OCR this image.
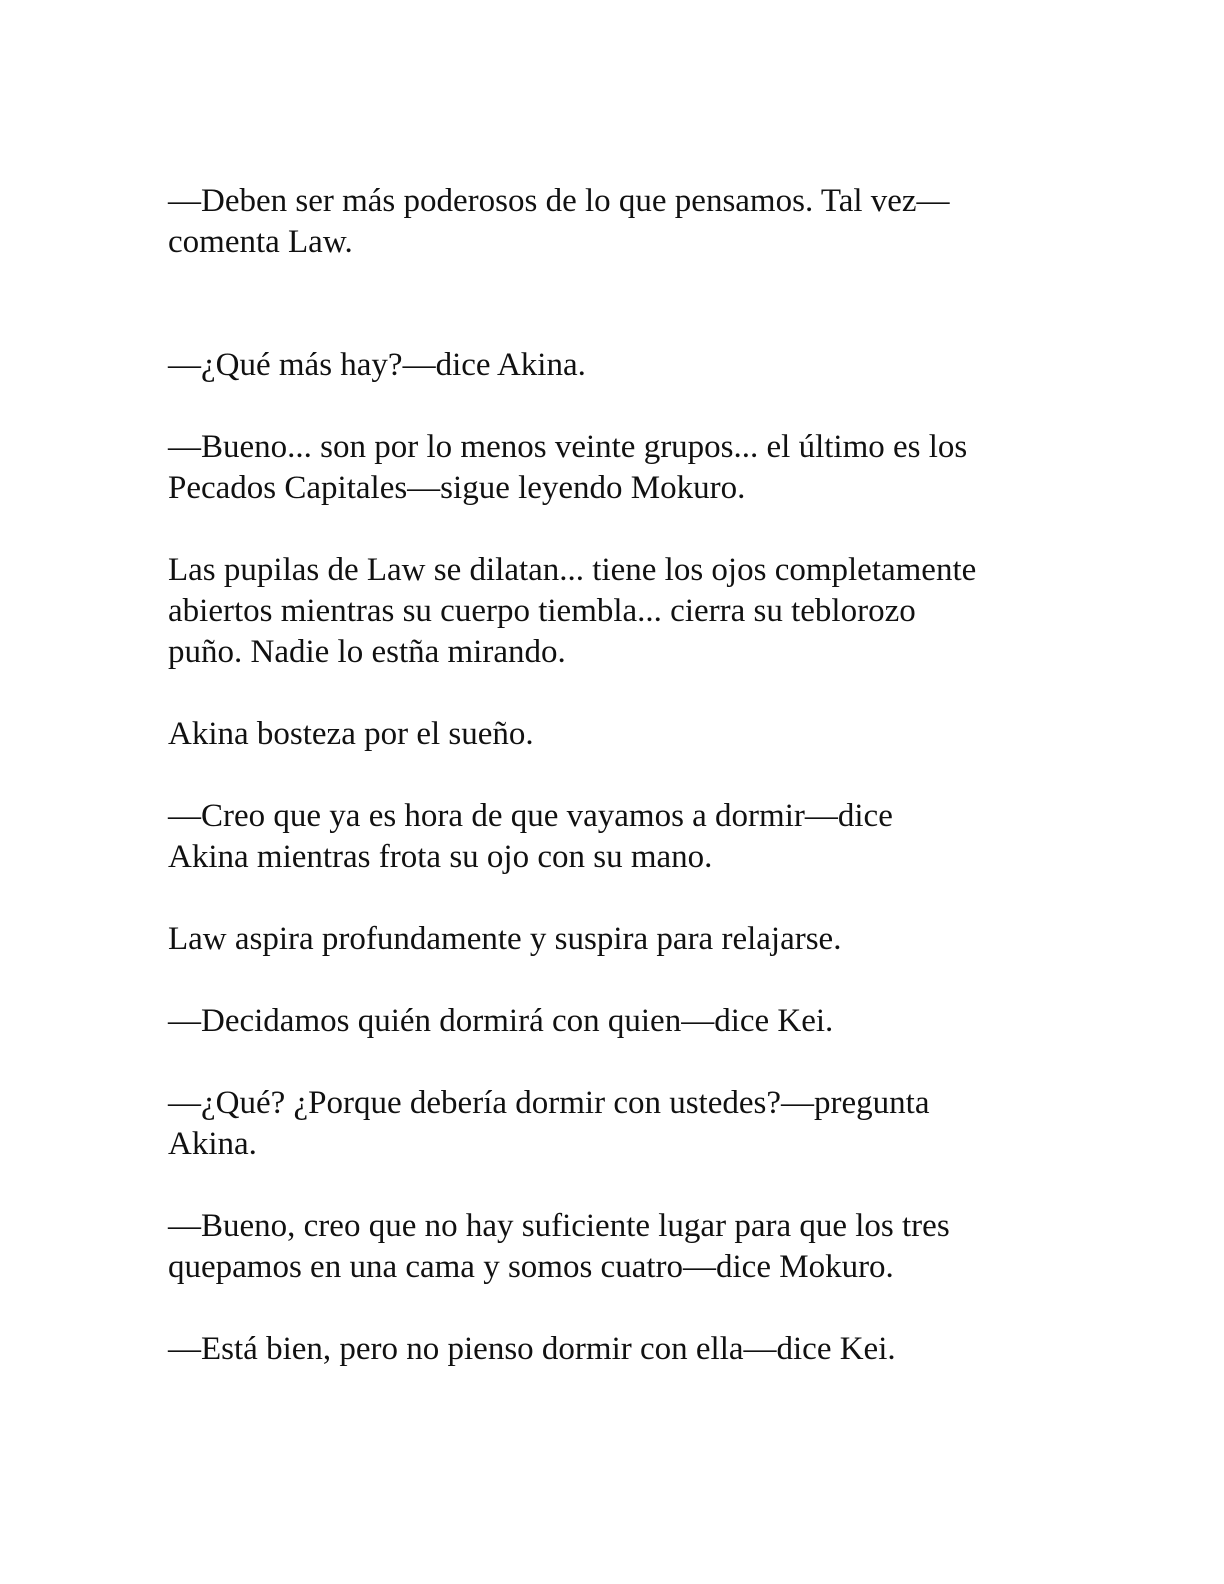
—Deben ser más poderosos de lo que pensamos. Tal vez—
comenta Law.

—¿Qué más hay?—dice Akina.

—Bueno... son por lo menos veinte grupos... el último es los
Pecados Capitales—sigue leyendo Mokuro.

Las pupilas de Law se dilatan... tiene los ojos completamente
abiertos mientras su cuerpo tiembla... cierra su teblorozo
puño. Nadie lo estña mirando.

Akina bosteza por el sueño.

—Creo que ya es hora de que vayamos a dormir—dice
Akina mientras frota su ojo con su mano.

Law aspira profundamente y suspira para relajarse.

—Decidamos quién dormirá con quien—dice Kei.

—¿Qué? ¿Porque debería dormir con ustedes?—pregunta
Akina.

—Bueno, creo que no hay suficiente lugar para que los tres
quepamos en una cama y somos cuatro—dice Mokuro.

—Está bien, pero no pienso dormir con ella—dice Kei.
